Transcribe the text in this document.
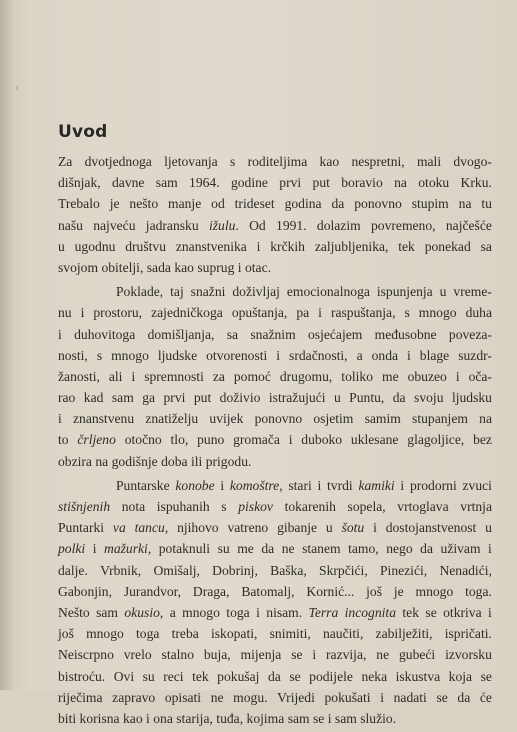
Uvod
Za dvotjednoga ljetovanja s roditeljima kao nespretni, mali dvogo-
dišnjak, davne sam 1964. godine prvi put boravio na otoku Krku.
Trebalo je nešto manje od trideset godina da ponovno stupim na tu
našu najveću jadransku ižulu. Od 1991. dolazim povremeno, najčešće
u ugodnu društvu znanstvenika i krčkih zaljubljenika, tek ponekad sa
svojom obitelji, sada kao suprug i otac.
Poklade, taj snažni doživljaj emocionalnoga ispunjenja u vreme-
nu i prostoru, zajedničkoga opuštanja, pa i raspuštanja, s mnogo duha
i duhovitoga domišljanja, sa snažnim osjećajem međusobne poveza-
nosti, s mnogo ljudske otvorenosti i srdačnosti, a onda i blage suzdr-
žanosti, ali i spremnosti za pomoć drugomu, toliko me obuzeo i oča-
rao kad sam ga prvi put doživio istražujući u Puntu, da svoju ljudsku
i znanstvenu znatiželju uvijek ponovno osjetim samim stupanjem na
to črljeno otočno tlo, puno gromača i duboko uklesane glagoljice, bez
obzira na godišnje doba ili prigodu.
Puntarske konobe i komoštre, stari i tvrdi kamiki i prodorni zvuci
stišnjenih nota ispuhanih s piskov tokarenih sopela, vrtoglava vrtnja
Puntarki va tancu, njihovo vatreno gibanje u šotu i dostojanstvenost u
polki i mažurki, potaknuli su me da ne stanem tamo, nego da uživam i
dalje. Vrbnik, Omišalj, Dobrinj, Baška, Skrpčići, Pinezići, Nenadići,
Gabonjin, Jurandvor, Draga, Batomalj, Kornić... još je mnogo toga.
Nešto sam okusio, a mnogo toga i nisam. Terra incognita tek se otkriva i
još mnogo toga treba iskopati, snimiti, naučiti, zabilježiti, ispričati.
Neiscrpno vrelo stalno buja, mijenja se i razvija, ne gubeći izvorsku
bistroću. Ovi su reci tek pokušaj da se podijele neka iskustva koja se
riječima zapravo opisati ne mogu. Vrijedi pokušati i nadati se da će
biti korisna kao i ona starija, tuđa, kojima sam se i sam služio.
